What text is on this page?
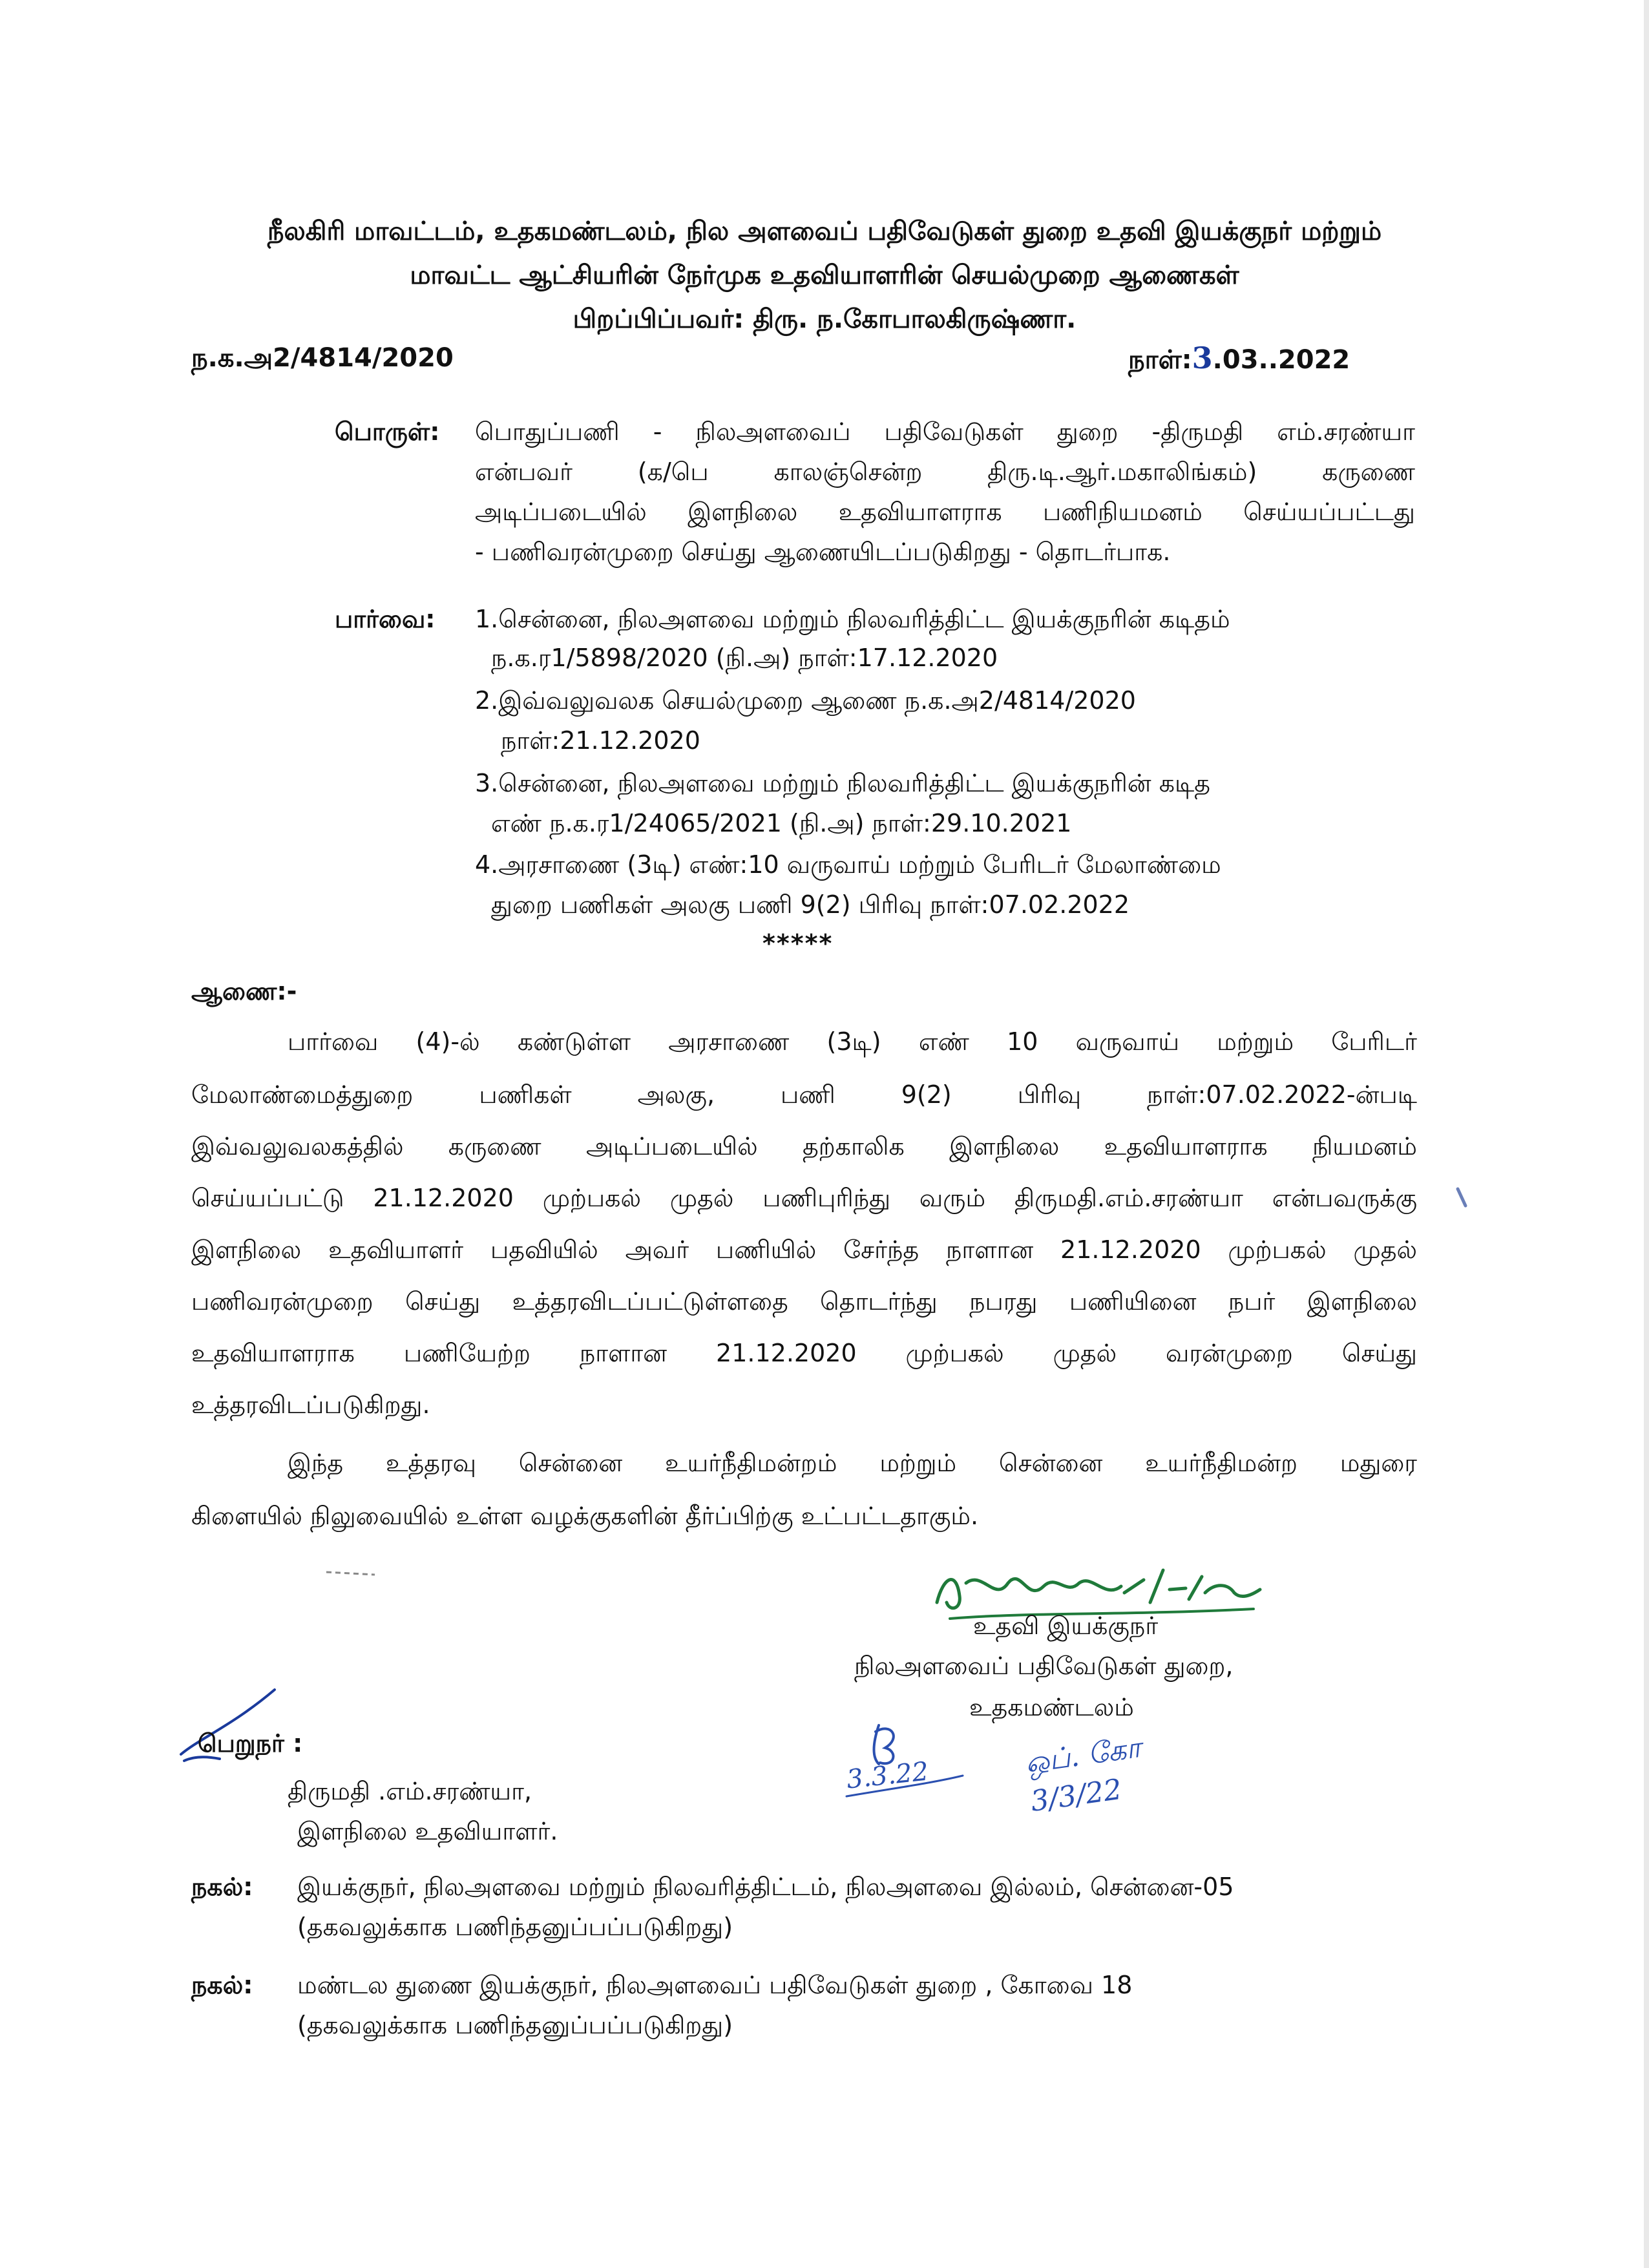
நீலகிரி மாவட்டம், உதகமண்டலம், நில அளவைப் பதிவேடுகள் துறை உதவி இயக்குநர் மற்றும்
மாவட்ட ஆட்சியரின் நேர்முக உதவியாளரின் செயல்முறை ஆணைகள்
பிறப்பிப்பவர்: திரு. ந.கோபாலகிருஷ்ணா.
ந.க.அ2/4814/2020	நாள்:3.03..2022
பொருள்: பொதுப்பணி - நிலஅளவைப் பதிவேடுகள் துறை -திருமதி எம்.சரண்யா
என்பவர் (க/பெ காலஞ்சென்ற திரு.டி.ஆர்.மகாலிங்கம்) கருணை
அடிப்படையில் இளநிலை உதவியாளராக பணிநியமனம் செய்யப்பட்டது
- பணிவரன்முறை செய்து ஆணையிடப்படுகிறது - தொடர்பாக.
பார்வை: 1.சென்னை, நிலஅளவை மற்றும் நிலவரித்திட்ட இயக்குநரின் கடிதம்
ந.க.ர1/5898/2020 (நி.அ) நாள்:17.12.2020
2.இவ்வலுவலக செயல்முறை ஆணை ந.க.அ2/4814/2020
நாள்:21.12.2020
3.சென்னை, நிலஅளவை மற்றும் நிலவரித்திட்ட இயக்குநரின் கடித
எண் ந.க.ர1/24065/2021 (நி.அ) நாள்:29.10.2021
4.அரசாணை (3டி) எண்:10 வருவாய் மற்றும் பேரிடர் மேலாண்மை
துறை பணிகள் அலகு பணி 9(2) பிரிவு நாள்:07.02.2022
*****
ஆணை:-
பார்வை (4)-ல் கண்டுள்ள அரசாணை (3டி) எண் 10 வருவாய் மற்றும் பேரிடர்
மேலாண்மைத்துறை பணிகள் அலகு, பணி 9(2) பிரிவு நாள்:07.02.2022-ன்படி
இவ்வலுவலகத்தில் கருணை அடிப்படையில் தற்காலிக இளநிலை உதவியாளராக நியமனம்
செய்யப்பட்டு 21.12.2020 முற்பகல் முதல் பணிபுரிந்து வரும் திருமதி.எம்.சரண்யா என்பவருக்கு
இளநிலை உதவியாளர் பதவியில் அவர் பணியில் சேர்ந்த நாளான 21.12.2020 முற்பகல் முதல்
பணிவரன்முறை செய்து உத்தரவிடப்பட்டுள்ளதை தொடர்ந்து நபரது பணியினை நபர் இளநிலை
உதவியாளராக பணியேற்ற நாளான 21.12.2020 முற்பகல் முதல் வரன்முறை செய்து
உத்தரவிடப்படுகிறது.
இந்த உத்தரவு சென்னை உயர்நீதிமன்றம் மற்றும் சென்னை உயர்நீதிமன்ற மதுரை
கிளையில் நிலுவையில் உள்ள வழக்குகளின் தீர்ப்பிற்கு உட்பட்டதாகும்.
உதவி இயக்குநர்
நிலஅளவைப் பதிவேடுகள் துறை,
உதகமண்டலம்
பெறுநர் :
திருமதி .எம்.சரண்யா,
இளநிலை உதவியாளர்.
3.3.22	ஒப். கோ 3/3/22
நகல்: இயக்குநர், நிலஅளவை மற்றும் நிலவரித்திட்டம், நிலஅளவை இல்லம், சென்னை-05
(தகவலுக்காக பணிந்தனுப்பப்படுகிறது)
நகல்: மண்டல துணை இயக்குநர், நிலஅளவைப் பதிவேடுகள் துறை , கோவை 18
(தகவலுக்காக பணிந்தனுப்பப்படுகிறது)
